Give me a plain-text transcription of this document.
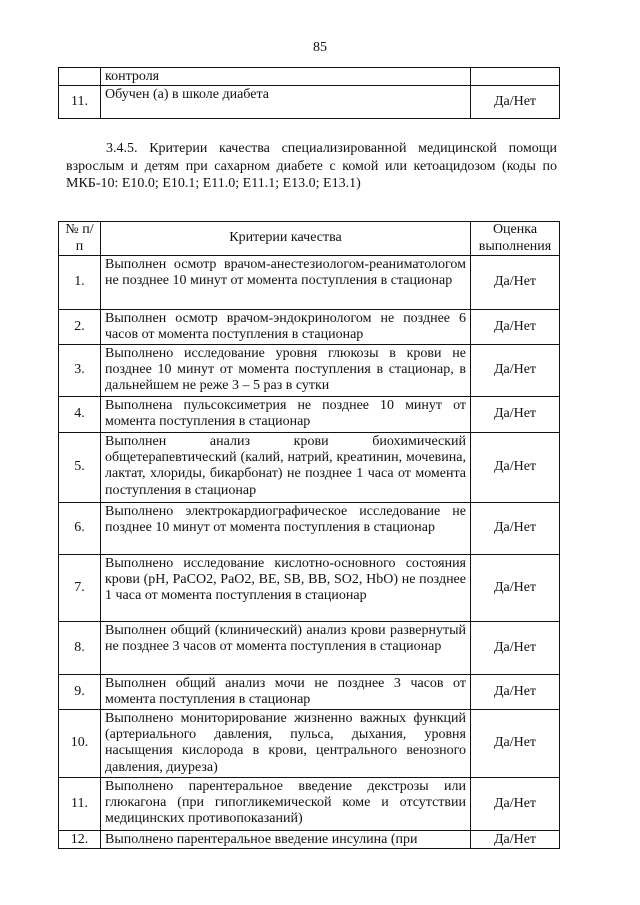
85
	контроля	
11.	Обучен (а) в школе диабета	Да/Нет
3.4.5. Критерии качества специализированной медицинской помощи взрослым и детям при сахарном диабете с комой или кетоацидозом (коды по МКБ-10: Е10.0; Е10.1; Е11.0; Е11.1; Е13.0; Е13.1)
№ п/п	Критерии качества	Оценка выполнения
1.	Выполнен осмотр врачом-анестезиологом-реаниматологом не позднее 10 минут от момента поступления в стационар	Да/Нет
2.	Выполнен осмотр врачом-эндокринологом не позднее 6 часов от момента поступления в стационар	Да/Нет
3.	Выполнено исследование уровня глюкозы в крови не позднее 10 минут от момента поступления в стационар, в дальнейшем не реже 3 – 5 раз в сутки	Да/Нет
4.	Выполнена пульсоксиметрия не позднее 10 минут от момента поступления в стационар	Да/Нет
5.	Выполнен анализ крови биохимический общетерапевтический (калий, натрий, креатинин, мочевина, лактат, хлориды, бикарбонат) не позднее 1 часа от момента поступления в стационар	Да/Нет
6.	Выполнено электрокардиографическое исследование не позднее 10 минут от момента поступления в стационар	Да/Нет
7.	Выполнено исследование кислотно-основного состояния крови (pH, PaCO2, PaO2, BE, SB, BB, SO2, HbO) не позднее 1 часа от момента поступления в стационар	Да/Нет
8.	Выполнен общий (клинический) анализ крови развернутый не позднее 3 часов от момента поступления в стационар	Да/Нет
9.	Выполнен общий анализ мочи не позднее 3 часов от момента поступления в стационар	Да/Нет
10.	Выполнено мониторирование жизненно важных функций (артериального давления, пульса, дыхания, уровня насыщения кислорода в крови, центрального венозного давления, диуреза)	Да/Нет
11.	Выполнено парентеральное введение декстрозы или глюкагона (при гипогликемической коме и отсутствии медицинских противопоказаний)	Да/Нет
12.	Выполнено парентеральное введение инсулина (при	Да/Нет
